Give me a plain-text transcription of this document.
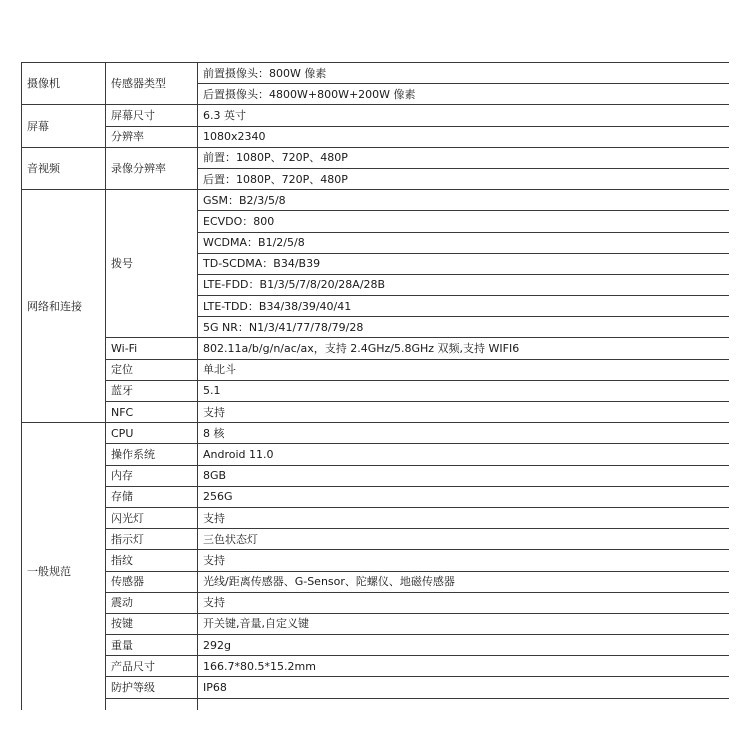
摄像机	传感器类型	前置摄像头：800W 像素
		后置摄像头：4800W+800W+200W 像素
屏幕	屏幕尺寸	6.3 英寸
	分辨率	1080x2340
音视频	录像分辨率	前置：1080P、720P、480P
		后置：1080P、720P、480P
网络和连接	拨号	GSM：B2/3/5/8
		ECVDO：800
		WCDMA：B1/2/5/8
		TD-SCDMA：B34/B39
		LTE-FDD：B1/3/5/7/8/20/28A/28B
		LTE-TDD：B34/38/39/40/41
		5G NR：N1/3/41/77/78/79/28
	Wi-Fi	802.11a/b/g/n/ac/ax，支持 2.4GHz/5.8GHz 双频,支持 WIFI6
	定位	单北斗
	蓝牙	5.1
	NFC	支持
一般规范	CPU	8 核
	操作系统	Android 11.0
	内存	8GB
	存储	256G
	闪光灯	支持
	指示灯	三色状态灯
	指纹	支持
	传感器	光线/距离传感器、G-Sensor、陀螺仪、地磁传感器
	震动	支持
	按键	开关键,音量,自定义键
	重量	292g
	产品尺寸	166.7*80.5*15.2mm
	防护等级	IP68
